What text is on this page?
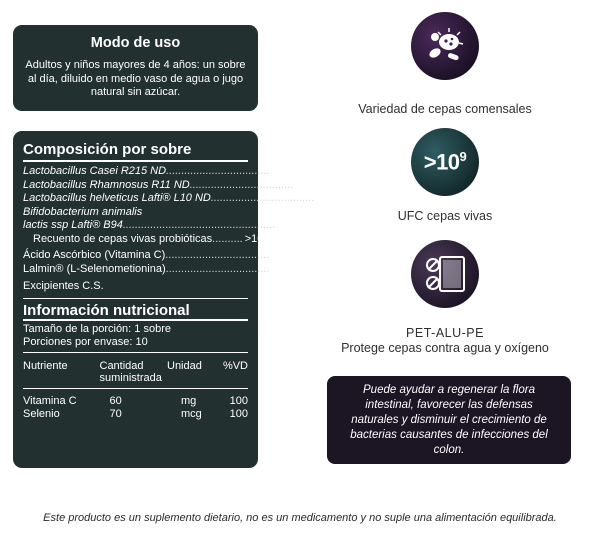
Modo de uso
Adultos y niños mayores de 4 años: un sobre al día, diluido en medio vaso de agua o jugo natural sin azúcar.
Composición por sobre
Lactobacillus Casei R215 ND.................................. 15,75 mg
Lactobacillus Rhamnosus R11 ND.................................. 13,50 mg
Lactobacillus helveticus Lafti® L10 ND.................................. 13,50 mg
Bifidobacterium animalis
lactis ssp Lafti® B94.................................................. 2,25 mg
Recuento de cepas vivas probióticas.......... >10⁹ UFC
Ácido Ascórbico (Vitamina C).................................. 60 mg
Lalmin® (L-Selenometionina).................................. 35 mg
Excipientes C.S.
Información nutricional
Tamaño de la porción: 1 sobre
Porciones por envase: 10
Nutriente	Cantidad suministrada	Unidad	%VD
Vitamina C	60	mg	100
Selenio	70	mcg	100
Variedad de cepas comensales
$>10^9$
UFC cepas vivas
PET-ALU-PE
Protege cepas contra agua y oxígeno
Puede ayudar a regenerar la flora intestinal, favorecer las defensas naturales y disminuir el crecimiento de bacterias causantes de infecciones del colon.
Este producto es un suplemento dietario, no es un medicamento y no suple una alimentación equilibrada.
